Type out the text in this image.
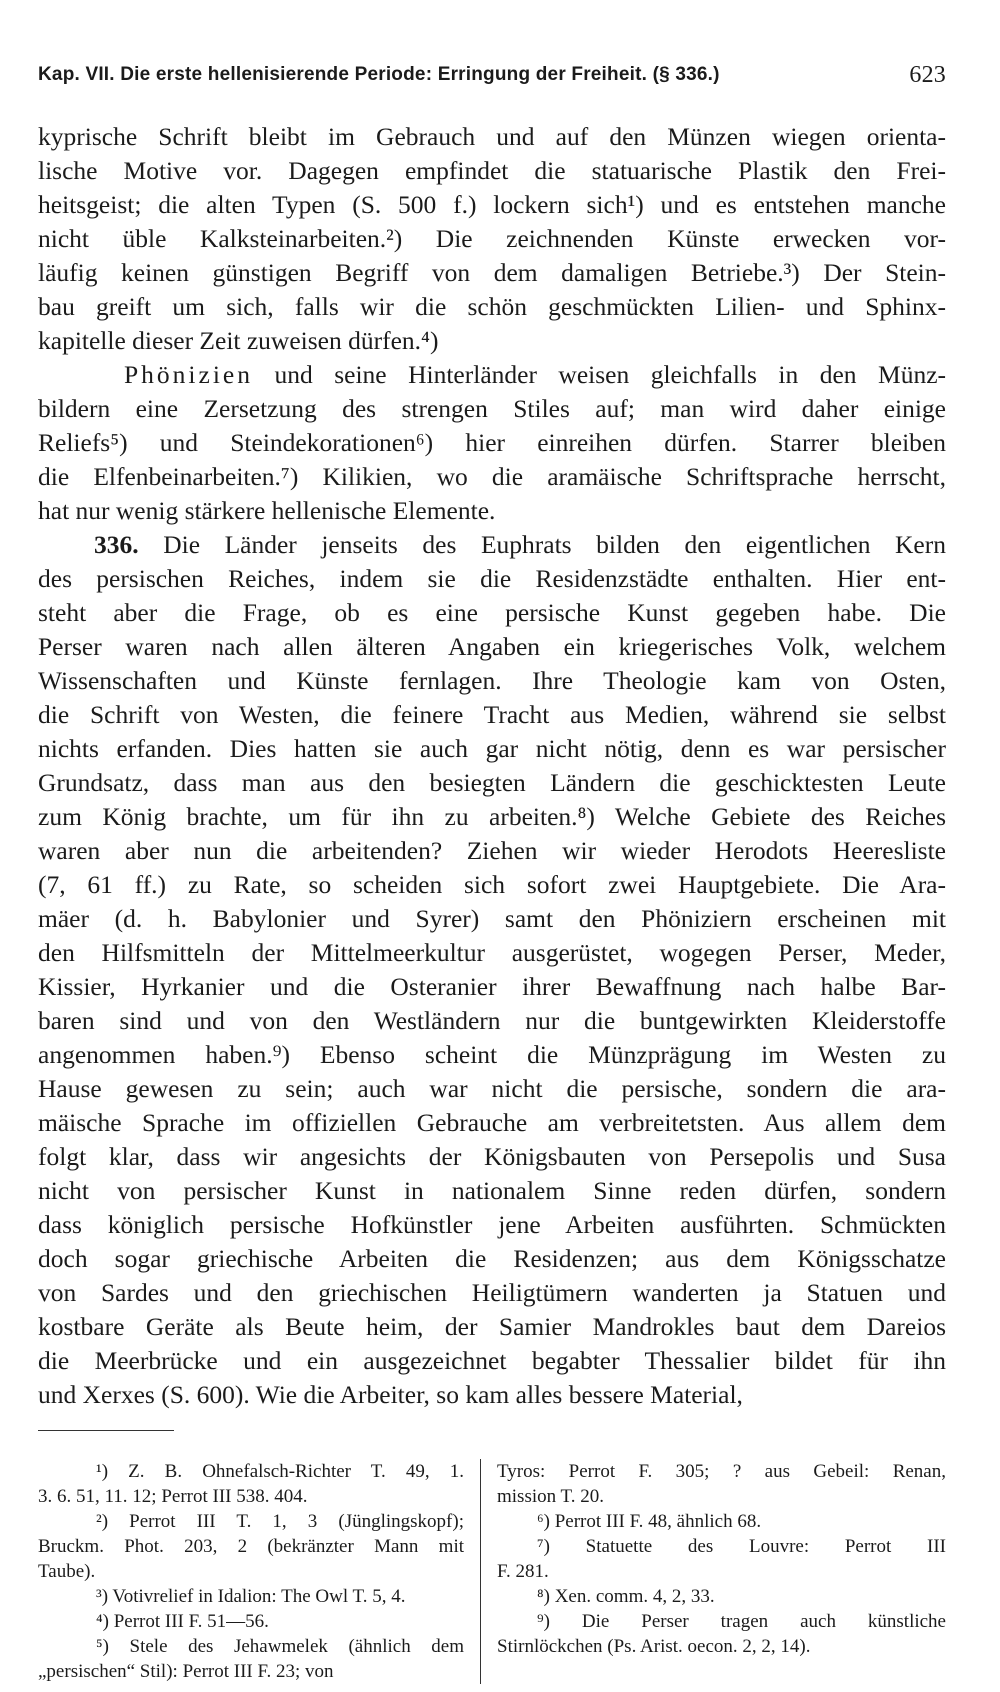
Kap. VII. Die erste hellenisierende Periode: Erringung der Freiheit. (§ 336.)	623

kyprische Schrift bleibt im Gebrauch und auf den Münzen wiegen orienta-
lische Motive vor. Dagegen empfindet die statuarische Plastik den Frei-
heitsgeist; die alten Typen (S. 500 f.) lockern sich¹) und es entstehen manche
nicht üble Kalksteinarbeiten.²) Die zeichnenden Künste erwecken vor-
läufig keinen günstigen Begriff von dem damaligen Betriebe.³) Der Stein-
bau greift um sich, falls wir die schön geschmückten Lilien- und Sphinx-
kapitelle dieser Zeit zuweisen dürfen.⁴)

Phönizien und seine Hinterländer weisen gleichfalls in den Münz-
bildern eine Zersetzung des strengen Stiles auf; man wird daher einige
Reliefs⁵) und Steindekorationen⁶) hier einreihen dürfen. Starrer bleiben
die Elfenbeinarbeiten.⁷) Kilikien, wo die aramäische Schriftsprache herrscht,
hat nur wenig stärkere hellenische Elemente.

336. Die Länder jenseits des Euphrats bilden den eigentlichen Kern
des persischen Reiches, indem sie die Residenzstädte enthalten. Hier ent-
steht aber die Frage, ob es eine persische Kunst gegeben habe. Die
Perser waren nach allen älteren Angaben ein kriegerisches Volk, welchem
Wissenschaften und Künste fernlagen. Ihre Theologie kam von Osten,
die Schrift von Westen, die feinere Tracht aus Medien, während sie selbst
nichts erfanden. Dies hatten sie auch gar nicht nötig, denn es war persischer
Grundsatz, dass man aus den besiegten Ländern die geschicktesten Leute
zum König brachte, um für ihn zu arbeiten.⁸) Welche Gebiete des Reiches
waren aber nun die arbeitenden? Ziehen wir wieder Herodots Heeresliste
(7, 61 ff.) zu Rate, so scheiden sich sofort zwei Hauptgebiete. Die Ara-
mäer (d. h. Babylonier und Syrer) samt den Phöniziern erscheinen mit
den Hilfsmitteln der Mittelmeerkultur ausgerüstet, wogegen Perser, Meder,
Kissier, Hyrkanier und die Osteranier ihrer Bewaffnung nach halbe Bar-
baren sind und von den Westländern nur die buntgewirkten Kleiderstoffe
angenommen haben.⁹) Ebenso scheint die Münzprägung im Westen zu
Hause gewesen zu sein; auch war nicht die persische, sondern die ara-
mäische Sprache im offiziellen Gebrauche am verbreitetsten. Aus allem dem
folgt klar, dass wir angesichts der Königsbauten von Persepolis und Susa
nicht von persischer Kunst in nationalem Sinne reden dürfen, sondern
dass königlich persische Hofkünstler jene Arbeiten ausführten. Schmückten
doch sogar griechische Arbeiten die Residenzen; aus dem Königsschatze
von Sardes und den griechischen Heiligtümern wanderten ja Statuen und
kostbare Geräte als Beute heim, der Samier Mandrokles baut dem Dareios
die Meerbrücke und ein ausgezeichnet begabter Thessalier bildet für ihn
und Xerxes (S. 600). Wie die Arbeiter, so kam alles bessere Material,

¹) Z. B. Ohnefalsch-Richter T. 49, 1.
3. 6. 51, 11. 12; Perrot III 538. 404.
²) Perrot III T. 1, 3 (Jünglingskopf);
Bruckm. Phot. 203, 2 (bekränzter Mann mit
Taube).
³) Votivrelief in Idalion: The Owl T. 5, 4.
⁴) Perrot III F. 51—56.
⁵) Stele des Jehawmelek (ähnlich dem
„persischen“ Stil): Perrot III F. 23; von
Tyros: Perrot F. 305; ? aus Gebeil: Renan,
mission T. 20.
⁶) Perrot III F. 48, ähnlich 68.
⁷) Statuette des Louvre: Perrot III
F. 281.
⁸) Xen. comm. 4, 2, 33.
⁹) Die Perser tragen auch künstliche
Stirnlöckchen (Ps. Arist. oecon. 2, 2, 14).
